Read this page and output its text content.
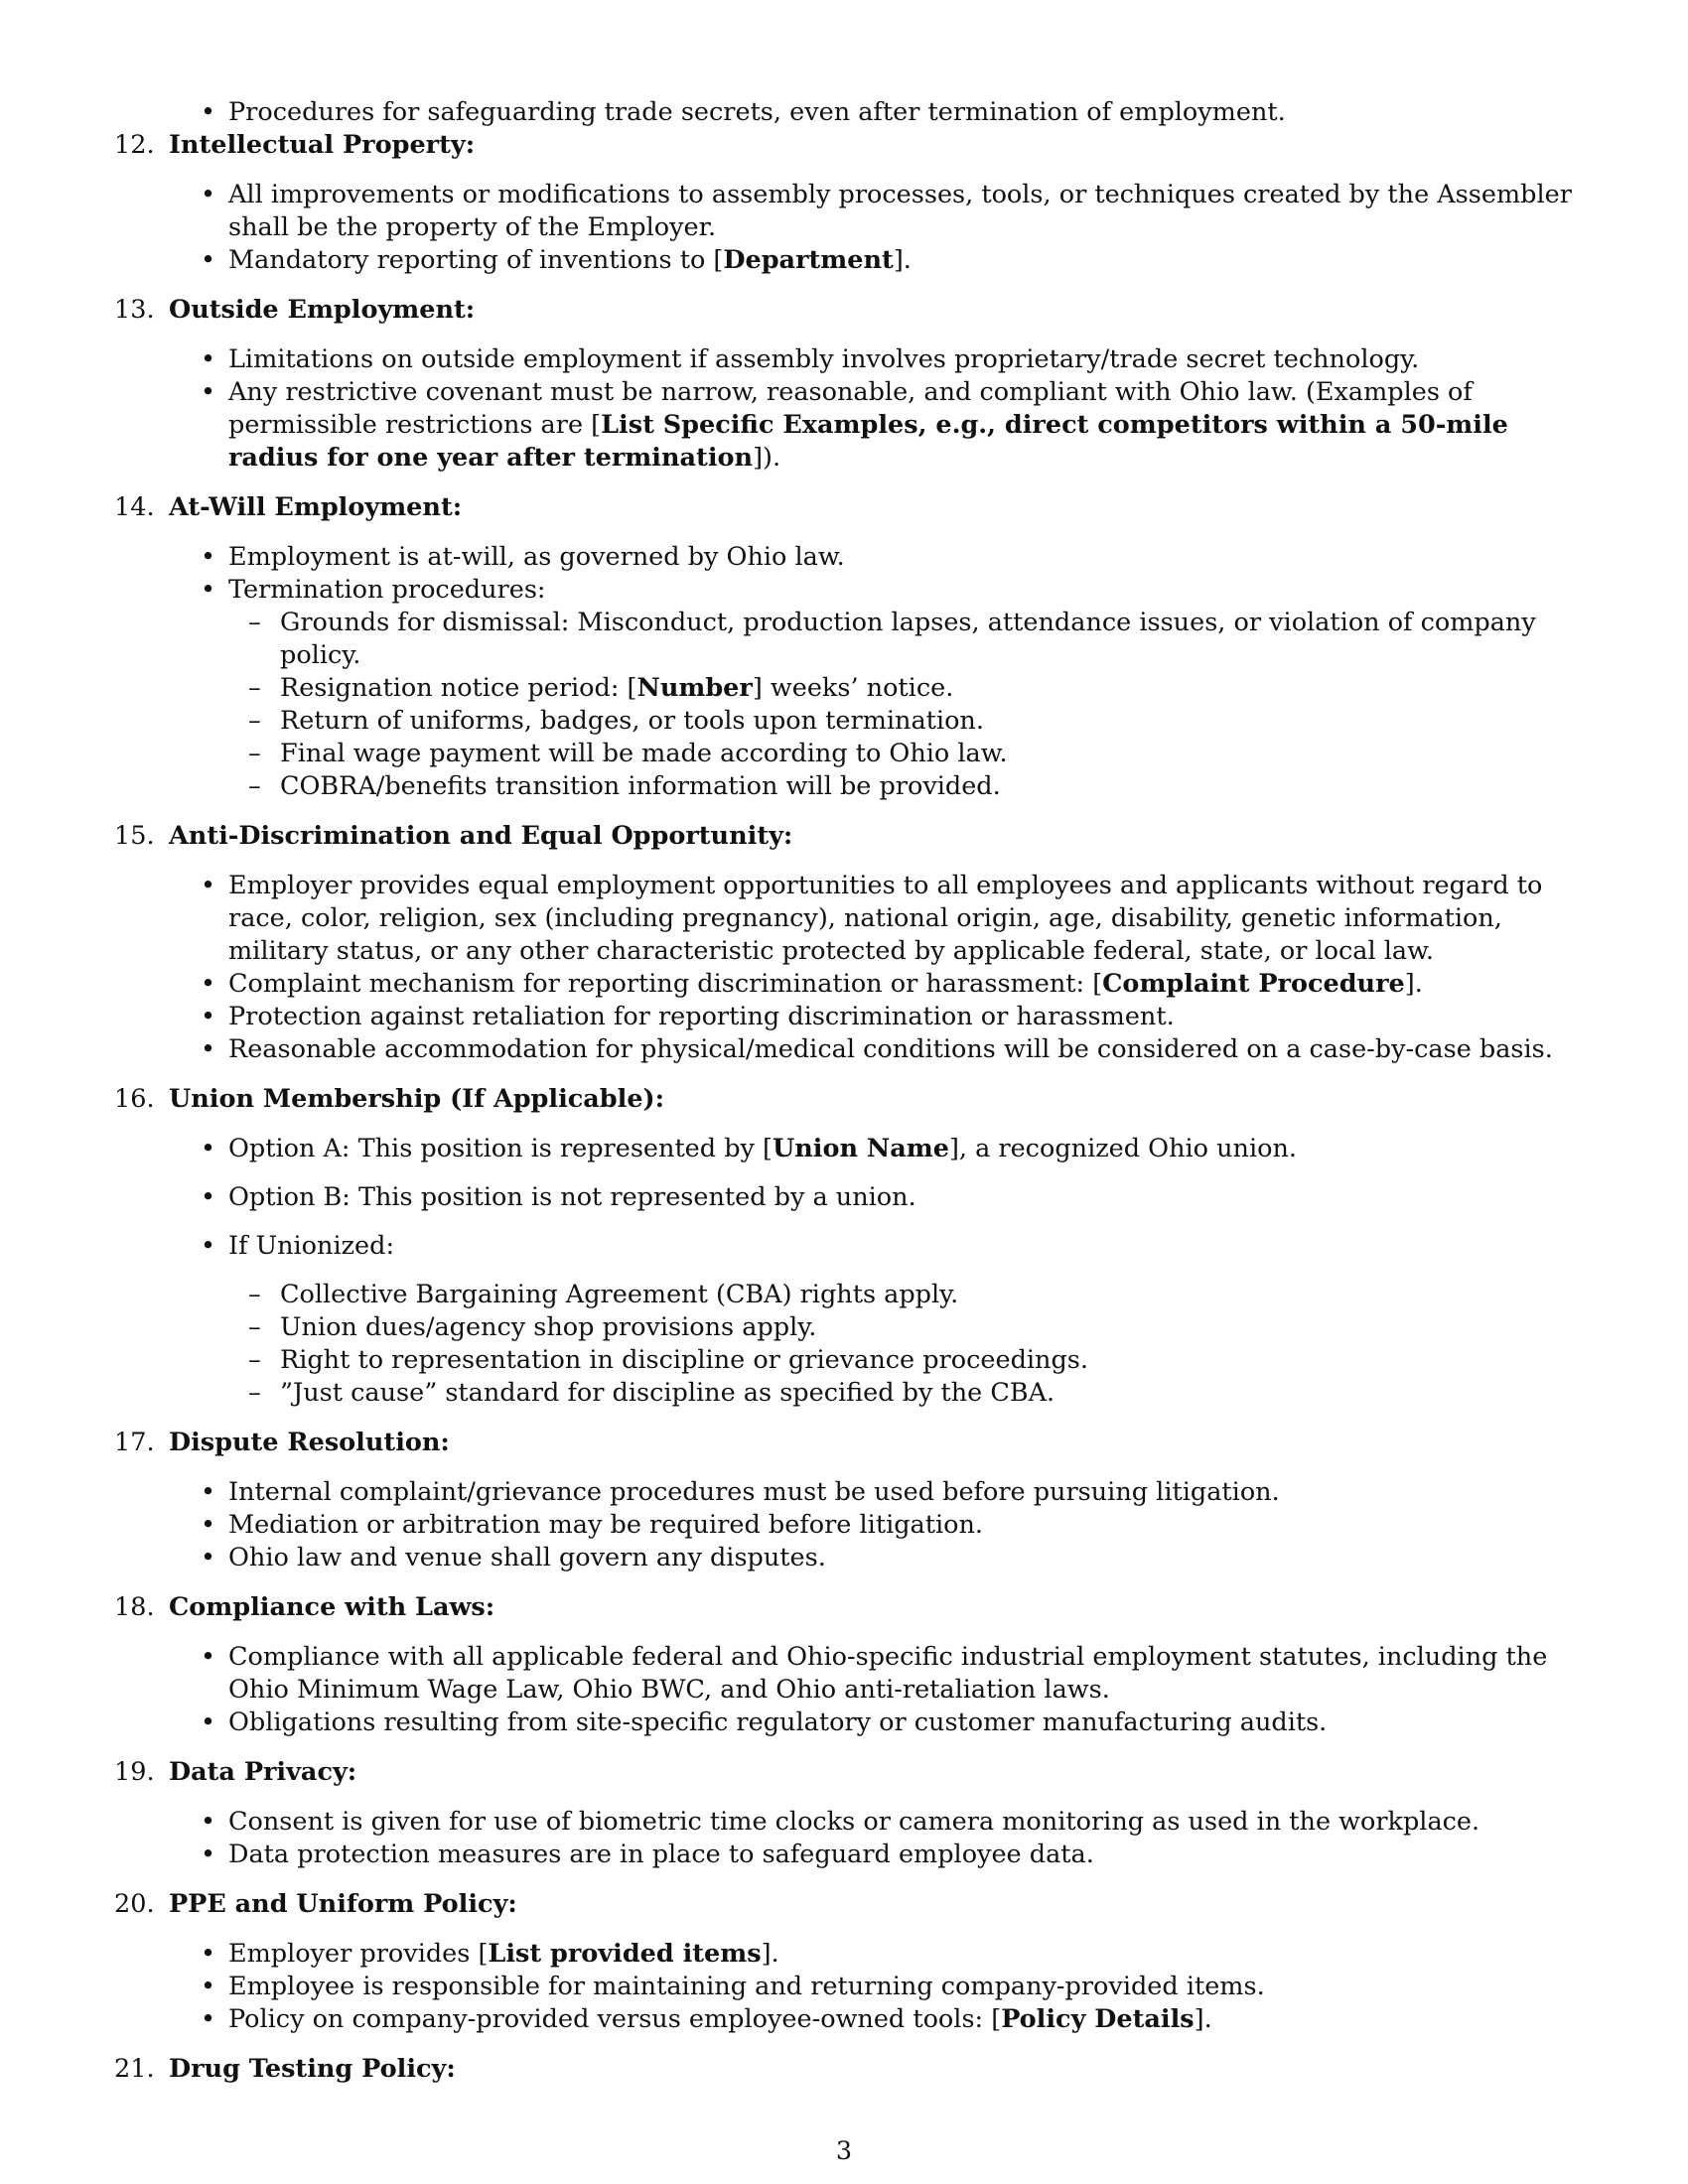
• Procedures for safeguarding trade secrets, even after termination of employment.
12. Intellectual Property:
• All improvements or modifications to assembly processes, tools, or techniques created by the Assembler shall be the property of the Employer.
• Mandatory reporting of inventions to [Department].
13. Outside Employment:
• Limitations on outside employment if assembly involves proprietary/trade secret technology.
• Any restrictive covenant must be narrow, reasonable, and compliant with Ohio law. (Examples of permissible restrictions are [List Specific Examples, e.g., direct competitors within a 50-mile radius for one year after termination]).
14. At-Will Employment:
• Employment is at-will, as governed by Ohio law.
• Termination procedures:
– Grounds for dismissal: Misconduct, production lapses, attendance issues, or violation of company policy.
– Resignation notice period: [Number] weeks’ notice.
– Return of uniforms, badges, or tools upon termination.
– Final wage payment will be made according to Ohio law.
– COBRA/benefits transition information will be provided.
15. Anti-Discrimination and Equal Opportunity:
• Employer provides equal employment opportunities to all employees and applicants without regard to race, color, religion, sex (including pregnancy), national origin, age, disability, genetic information, military status, or any other characteristic protected by applicable federal, state, or local law.
• Complaint mechanism for reporting discrimination or harassment: [Complaint Procedure].
• Protection against retaliation for reporting discrimination or harassment.
• Reasonable accommodation for physical/medical conditions will be considered on a case-by-case basis.
16. Union Membership (If Applicable):
• Option A: This position is represented by [Union Name], a recognized Ohio union.
• Option B: This position is not represented by a union.
• If Unionized:
– Collective Bargaining Agreement (CBA) rights apply.
– Union dues/agency shop provisions apply.
– Right to representation in discipline or grievance proceedings.
– ”Just cause” standard for discipline as specified by the CBA.
17. Dispute Resolution:
• Internal complaint/grievance procedures must be used before pursuing litigation.
• Mediation or arbitration may be required before litigation.
• Ohio law and venue shall govern any disputes.
18. Compliance with Laws:
• Compliance with all applicable federal and Ohio-specific industrial employment statutes, including the Ohio Minimum Wage Law, Ohio BWC, and Ohio anti-retaliation laws.
• Obligations resulting from site-specific regulatory or customer manufacturing audits.
19. Data Privacy:
• Consent is given for use of biometric time clocks or camera monitoring as used in the workplace.
• Data protection measures are in place to safeguard employee data.
20. PPE and Uniform Policy:
• Employer provides [List provided items].
• Employee is responsible for maintaining and returning company-provided items.
• Policy on company-provided versus employee-owned tools: [Policy Details].
21. Drug Testing Policy:
3
